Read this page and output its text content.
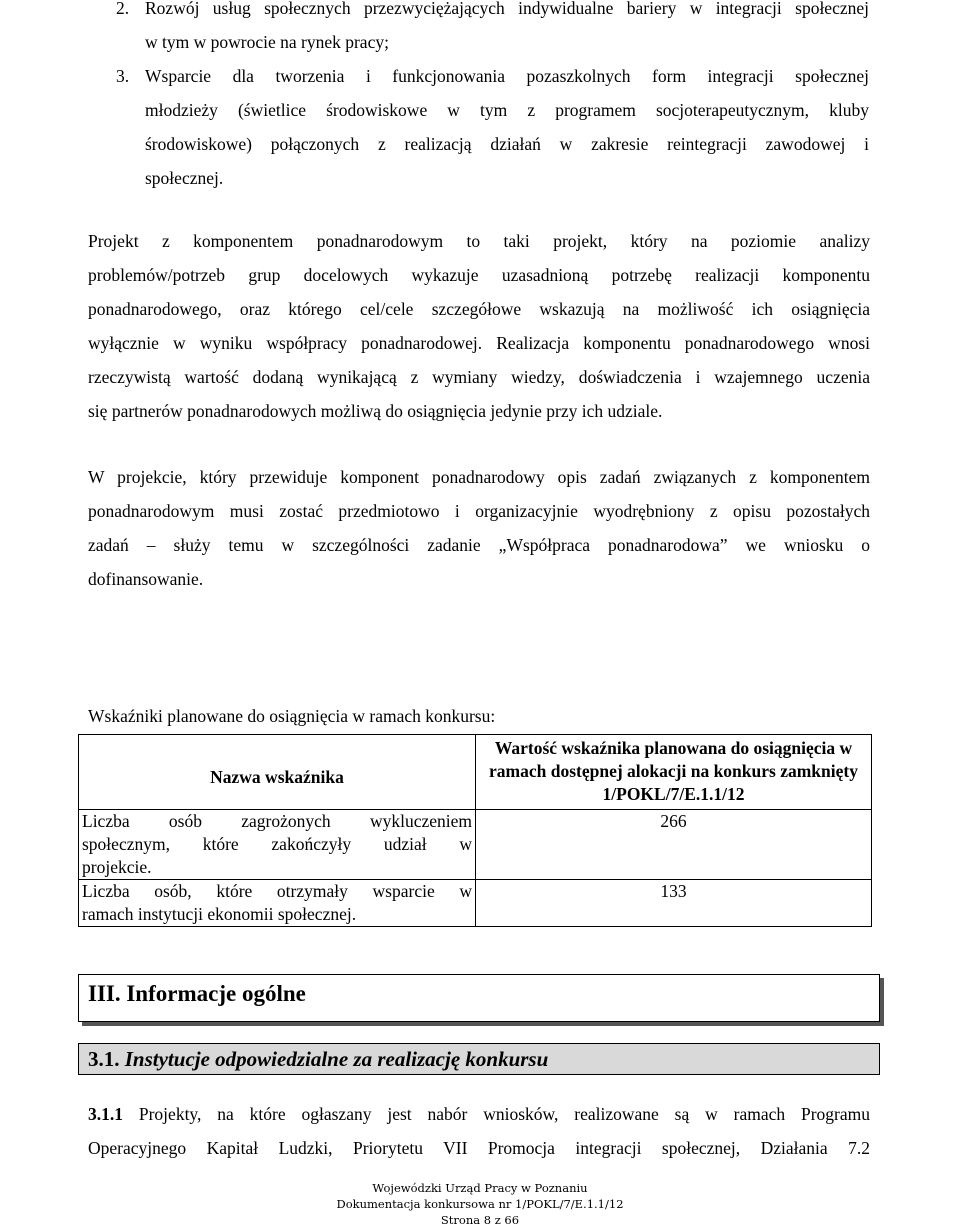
2. Rozwój usług społecznych przezwyciężających indywidualne bariery w integracji społecznej

w tym w powrocie na rynek pracy;

3. Wsparcie dla tworzenia i funkcjonowania pozaszkolnych form integracji społecznej

młodzieży (świetlice środowiskowe w tym z programem socjoterapeutycznym, kluby

środowiskowe) połączonych z realizacją działań w zakresie reintegracji zawodowej i

społecznej.

Projekt z komponentem ponadnarodowym to taki projekt, który na poziomie analizy

problemów/potrzeb grup docelowych wykazuje uzasadnioną potrzebę realizacji komponentu

ponadnarodowego, oraz którego cel/cele szczegółowe wskazują na możliwość ich osiągnięcia

wyłącznie w wyniku współpracy ponadnarodowej. Realizacja komponentu ponadnarodowego wnosi

rzeczywistą wartość dodaną wynikającą z wymiany wiedzy, doświadczenia i wzajemnego uczenia

się partnerów ponadnarodowych możliwą do osiągnięcia jedynie przy ich udziale.

W projekcie, który przewiduje komponent ponadnarodowy opis zadań związanych z komponentem

ponadnarodowym musi zostać przedmiotowo i organizacyjnie wyodrębniony z opisu pozostałych

zadań – służy temu w szczególności zadanie „Współpraca ponadnarodowa” we wniosku o

dofinansowanie.

Wskaźniki planowane do osiągnięcia w ramach konkursu:

Nazwa wskaźnika	Wartość wskaźnika planowana do osiągnięcia w ramach dostępnej alokacji na konkurs zamknięty 1/POKL/7/E.1.1/12

Liczba osób zagrożonych wykluczeniem
społecznym, które zakończyły udział w
projekcie.	266

Liczba osób, które otrzymały wsparcie w
ramach instytucji ekonomii społecznej.	133
III. Informacje ogólne
3.1. Instytucje odpowiedzialne za realizację konkursu
3.1.1 Projekty, na które ogłaszany jest nabór wniosków, realizowane są w ramach Programu

Operacyjnego Kapitał Ludzki, Priorytetu VII Promocja integracji społecznej, Działania 7.2

Wojewódzki Urząd Pracy w Poznaniu
Dokumentacja konkursowa nr 1/POKL/7/E.1.1/12
Strona 8 z 66
